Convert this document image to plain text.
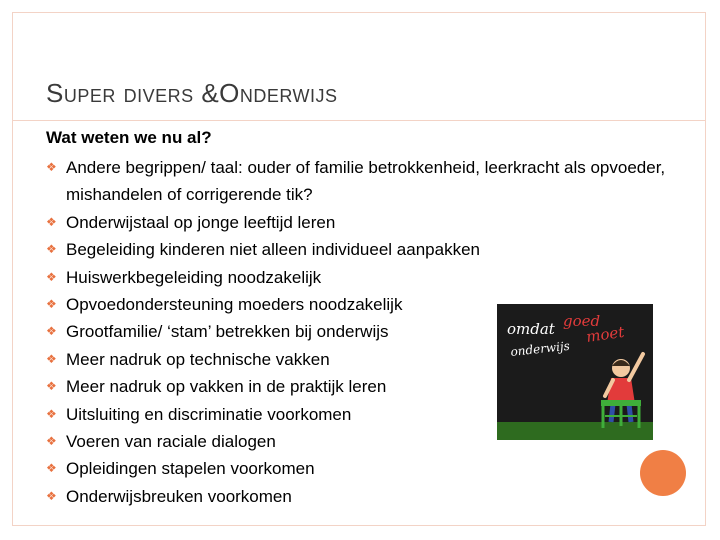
Super divers &Onderwijs
Wat weten we nu al?
❖ Andere begrippen/ taal: ouder of familie betrokkenheid, leerkracht als opvoeder, mishandelen of corrigerende tik?
❖ Onderwijstaal op jonge leeftijd leren
❖ Begeleiding kinderen niet alleen individueel aanpakken
❖ Huiswerkbegeleiding noodzakelijk
❖ Opvoedondersteuning moeders noodzakelijk
❖ Grootfamilie/ ‘stam’ betrekken bij onderwijs
❖ Meer nadruk op technische vakken
❖ Meer nadruk op vakken in de praktijk leren
❖ Uitsluiting en discriminatie voorkomen
❖ Voeren van raciale dialogen
❖ Opleidingen stapelen voorkomen
❖ Onderwijsbreuken voorkomen
omdat goed
onderwijs
moet
